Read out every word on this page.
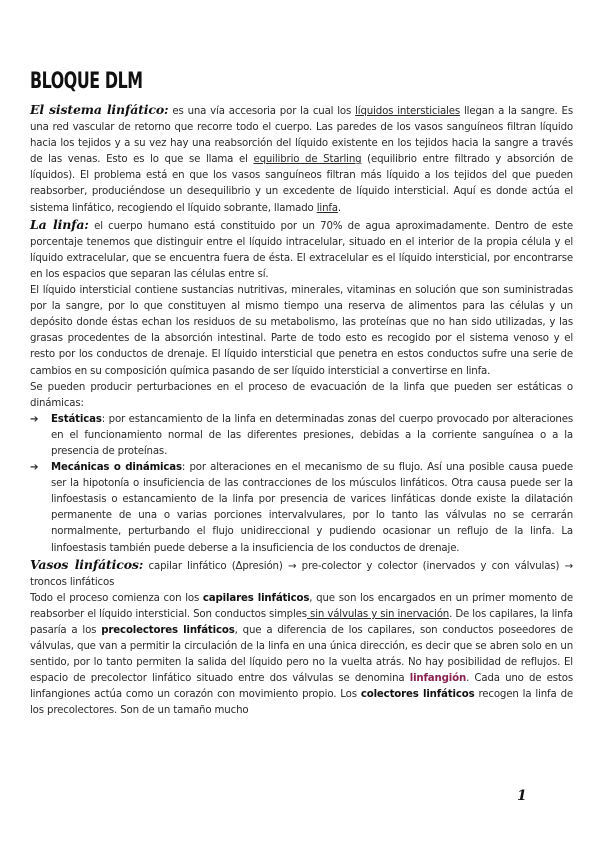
BLOQUE DLM

El sistema linfático: es una vía accesoria por la cual los líquidos intersticiales llegan a la sangre. Es una red vascular de retorno que recorre todo el cuerpo. Las paredes de los vasos sanguíneos filtran líquido hacia los tejidos y a su vez hay una reabsorción del líquido existente en los tejidos hacia la sangre a través de las venas. Esto es lo que se llama el equilibrio de Starling (equilibrio entre filtrado y absorción de líquidos). El problema está en que los vasos sanguíneos filtran más líquido a los tejidos del que pueden reabsorber, produciéndose un desequilibrio y un excedente de líquido intersticial. Aquí es donde actúa el sistema linfático, recogiendo el líquido sobrante, llamado linfa.

La linfa: el cuerpo humano está constituido por un 70% de agua aproximadamente. Dentro de este porcentaje tenemos que distinguir entre el líquido intracelular, situado en el interior de la propia célula y el líquido extracelular, que se encuentra fuera de ésta. El extracelular es el líquido intersticial, por encontrarse en los espacios que separan las células entre sí.

El líquido intersticial contiene sustancias nutritivas, minerales, vitaminas en solución que son suministradas por la sangre, por lo que constituyen al mismo tiempo una reserva de alimentos para las células y un depósito donde éstas echan los residuos de su metabolismo, las proteínas que no han sido utilizadas, y las grasas procedentes de la absorción intestinal. Parte de todo esto es recogido por el sistema venoso y el resto por los conductos de drenaje. El líquido intersticial que penetra en estos conductos sufre una serie de cambios en su composición química pasando de ser líquido intersticial a convertirse en linfa.

Se pueden producir perturbaciones en el proceso de evacuación de la linfa que pueden ser estáticas o dinámicas:

➔ Estáticas: por estancamiento de la linfa en determinadas zonas del cuerpo provocado por alteraciones en el funcionamiento normal de las diferentes presiones, debidas a la corriente sanguínea o a la presencia de proteínas.

➔ Mecánicas o dinámicas: por alteraciones en el mecanismo de su flujo. Así una posible causa puede ser la hipotonía o insuficiencia de las contracciones de los músculos linfáticos. Otra causa puede ser la linfoestasis o estancamiento de la linfa por presencia de varices linfáticas donde existe la dilatación permanente de una o varias porciones intervalvulares, por lo tanto las válvulas no se cerrarán normalmente, perturbando el flujo unidireccional y pudiendo ocasionar un reflujo de la linfa. La linfoestasis también puede deberse a la insuficiencia de los conductos de drenaje.

Vasos linfáticos: capilar linfático (Δpresión) → pre-colector y colector (inervados y con válvulas) → troncos linfáticos

Todo el proceso comienza con los capilares linfáticos, que son los encargados en un primer momento de reabsorber el líquido intersticial. Son conductos simples sin válvulas y sin inervación. De los capilares, la linfa pasaría a los precolectores linfáticos, que a diferencia de los capilares, son conductos poseedores de válvulas, que van a permitir la circulación de la linfa en una única dirección, es decir que se abren solo en un sentido, por lo tanto permiten la salida del líquido pero no la vuelta atrás. No hay posibilidad de reflujos. El espacio de precolector linfático situado entre dos válvulas se denomina linfangión. Cada uno de estos linfangiones actúa como un corazón con movimiento propio. Los colectores linfáticos recogen la linfa de los precolectores. Son de un tamaño mucho

1
